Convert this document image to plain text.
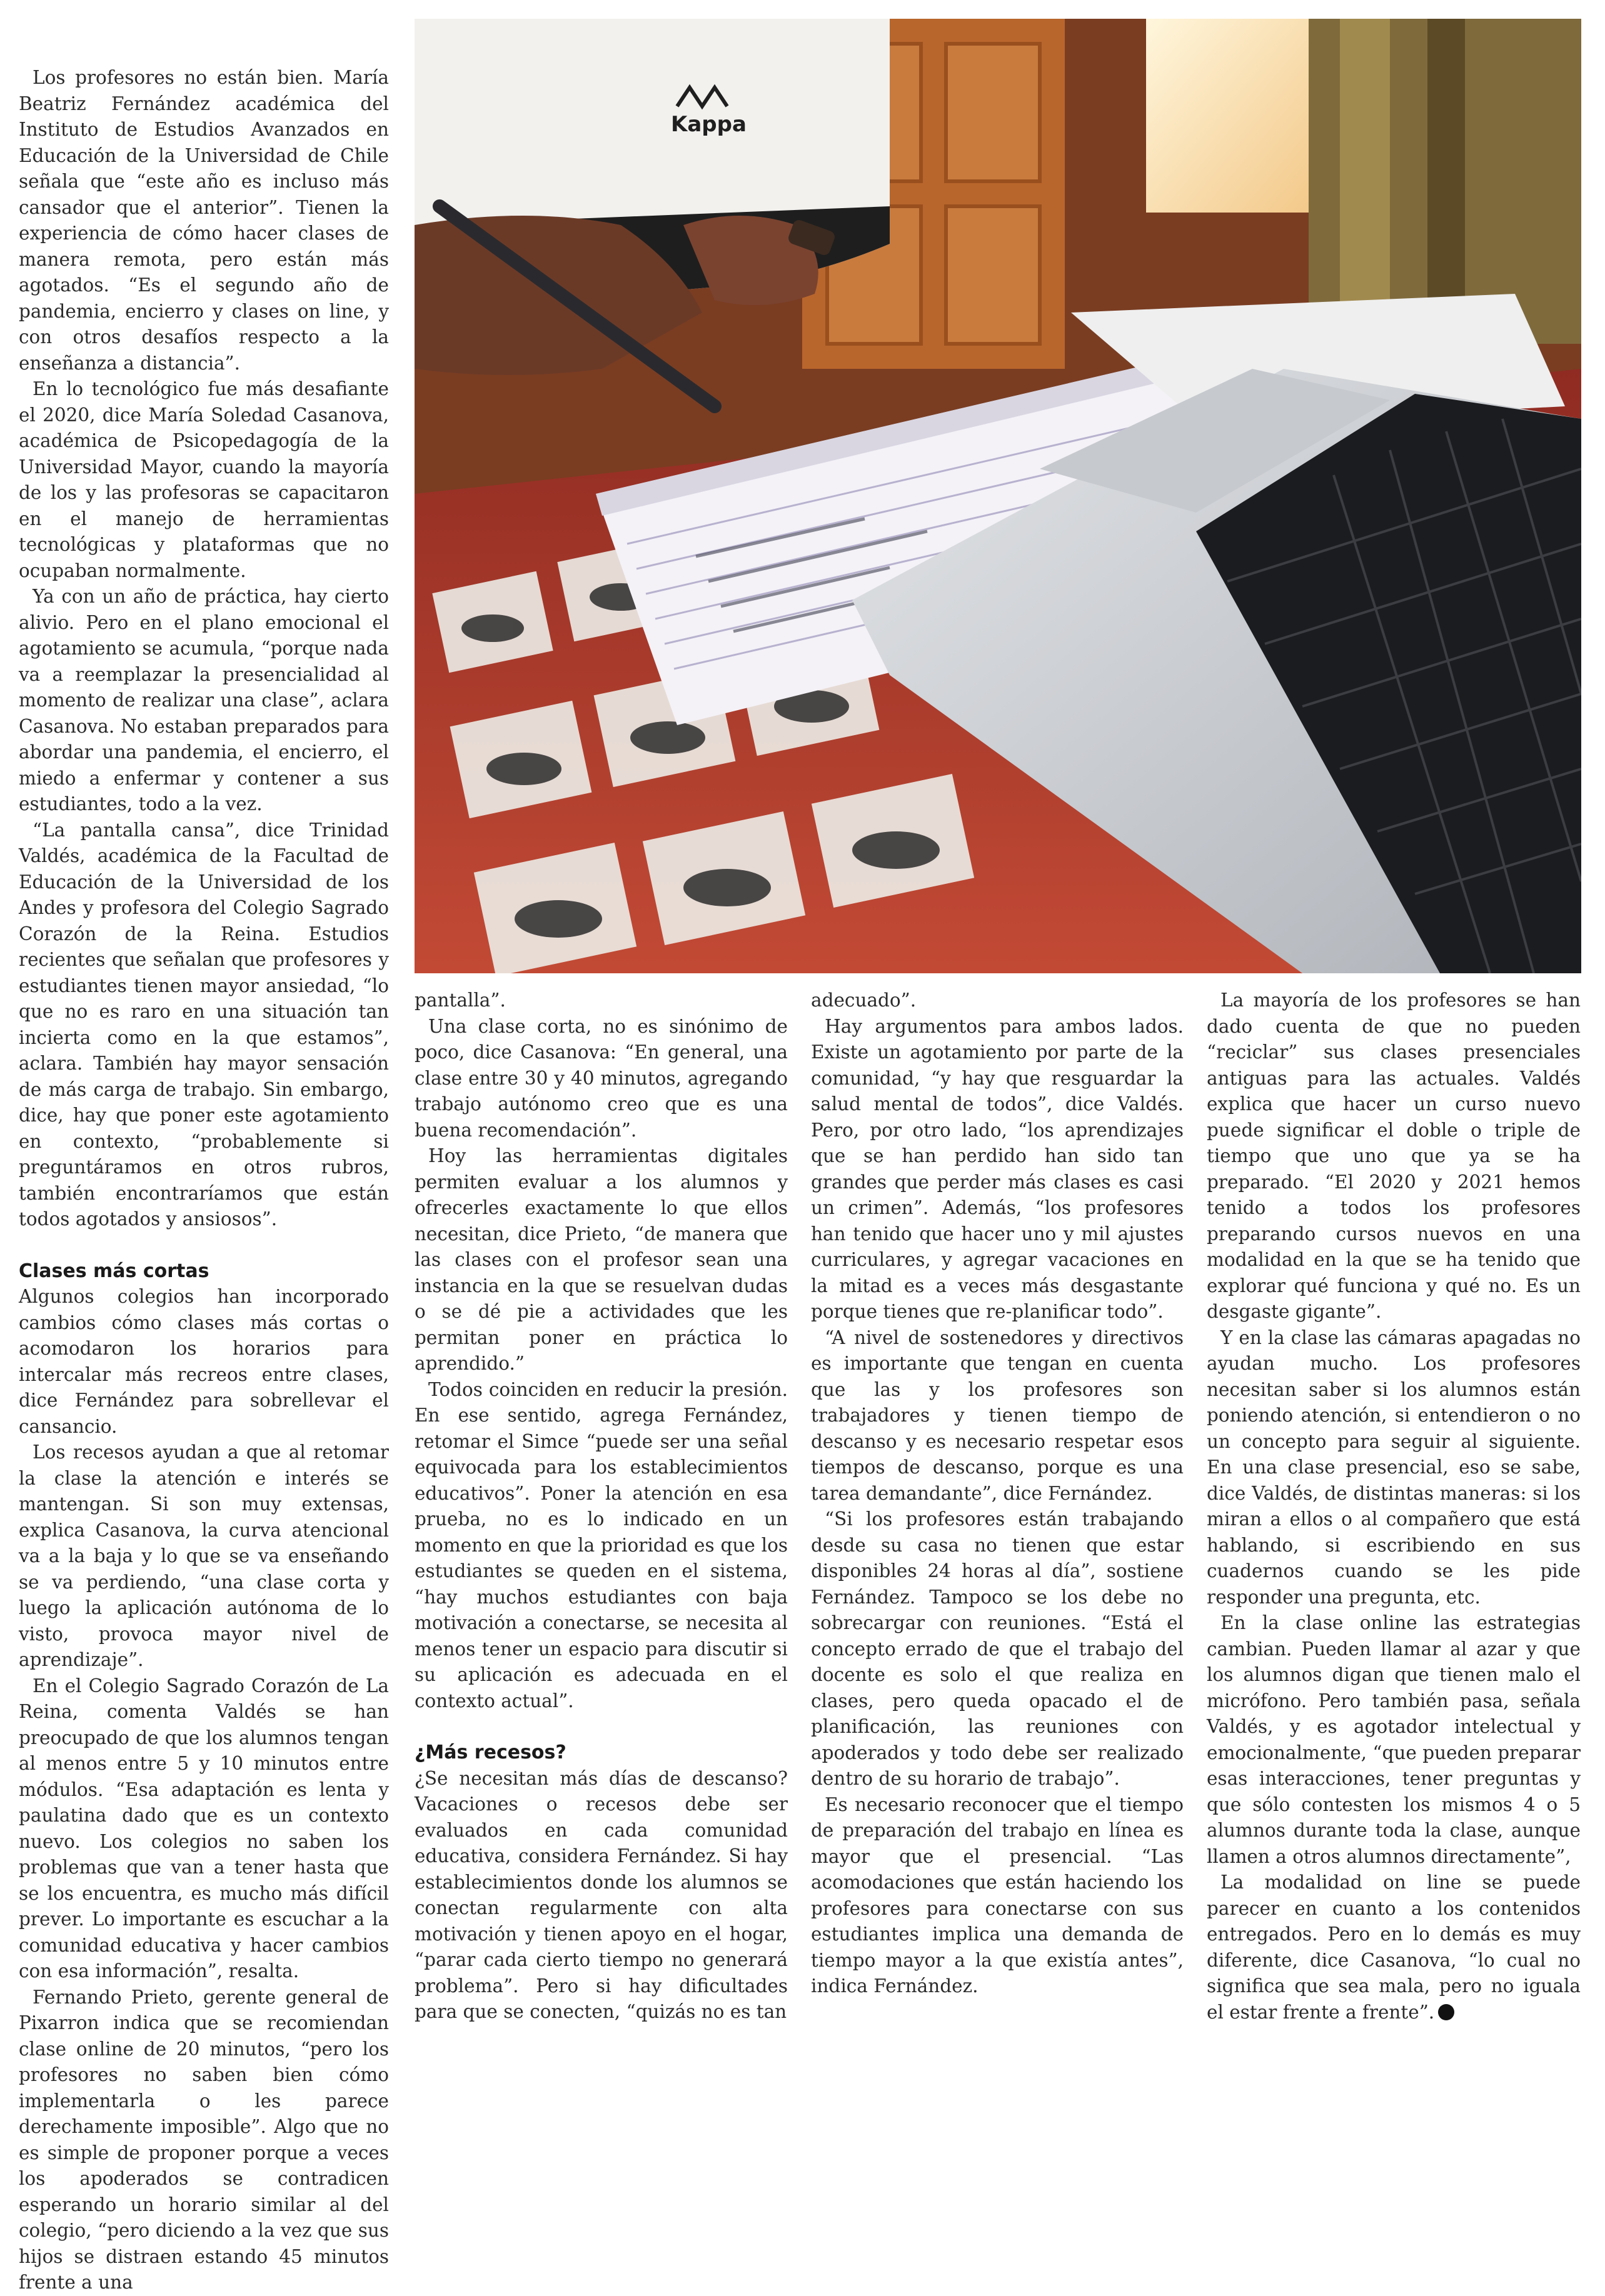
Kappa

Los profesores no están bien. María Beatriz Fernández académica del Instituto de Estudios Avanzados en Educación de la Universidad de Chile señala que “este año es incluso más cansador que el anterior”. Tienen la experiencia de cómo hacer clases de manera remota, pero están más agotados. “Es el segundo año de pandemia, encierro y clases on line, y con otros desafíos respecto a la enseñanza a distancia”.

En lo tecnológico fue más desafiante el 2020, dice María Soledad Casanova, académica de Psicopedagogía de la Universidad Mayor, cuando la mayoría de los y las profesoras se capacitaron en el manejo de herramientas tecnológicas y plataformas que no ocupaban normalmente.

Ya con un año de práctica, hay cierto alivio. Pero en el plano emocional el agotamiento se acumula, “porque nada va a reemplazar la presencialidad al momento de realizar una clase”, aclara Casanova. No estaban preparados para abordar una pandemia, el encierro, el miedo a enfermar y contener a sus estudiantes, todo a la vez.

“La pantalla cansa”, dice Trinidad Valdés, académica de la Facultad de Educación de la Universidad de los Andes y profesora del Colegio Sagrado Corazón de la Reina. Estudios recientes que señalan que profesores y estudiantes tienen mayor ansiedad, “lo que no es raro en una situación tan incierta como en la que estamos”, aclara. También hay mayor sensación de más carga de trabajo. Sin embargo, dice, hay que poner este agotamiento en contexto, “probablemente si preguntáramos en otros rubros, también encontraríamos que están todos agotados y ansiosos”.

Clases más cortas

Algunos colegios han incorporado cambios cómo clases más cortas o acomodaron los horarios para intercalar más recreos entre clases, dice Fernández para sobrellevar el cansancio.

Los recesos ayudan a que al retomar la clase la atención e interés se mantengan. Si son muy extensas, explica Casanova, la curva atencional va a la baja y lo que se va enseñando se va perdiendo, “una clase corta y luego la aplicación autónoma de lo visto, provoca mayor nivel de aprendizaje”.

En el Colegio Sagrado Corazón de La Reina, comenta Valdés se han preocupado de que los alumnos tengan al menos entre 5 y 10 minutos entre módulos. “Esa adaptación es lenta y paulatina dado que es un contexto nuevo. Los colegios no saben los problemas que van a tener hasta que se los encuentra, es mucho más difícil prever. Lo importante es escuchar a la comunidad educativa y hacer cambios con esa información”, resalta.

Fernando Prieto, gerente general de Pixarron indica que se recomiendan clase online de 20 minutos, “pero los profesores no saben bien cómo implementarla o les parece derechamente imposible”. Algo que no es simple de proponer porque a veces los apoderados se contradicen esperando un horario similar al del colegio, “pero diciendo a la vez que sus hijos se distraen estando 45 minutos frente a una

pantalla”.

Una clase corta, no es sinónimo de poco, dice Casanova: “En general, una clase entre 30 y 40 minutos, agregando trabajo autónomo creo que es una buena recomendación”.

Hoy las herramientas digitales permiten evaluar a los alumnos y ofrecerles exactamente lo que ellos necesitan, dice Prieto, “de manera que las clases con el profesor sean una instancia en la que se resuelvan dudas o se dé pie a actividades que les permitan poner en práctica lo aprendido.”

Todos coinciden en reducir la presión. En ese sentido, agrega Fernández, retomar el Simce “puede ser una señal equivocada para los establecimientos educativos”. Poner la atención en esa prueba, no es lo indicado en un momento en que la prioridad es que los estudiantes se queden en el sistema, “hay muchos estudiantes con baja motivación a conectarse, se necesita al menos tener un espacio para discutir si su aplicación es adecuada en el contexto actual”.

¿Más recesos?

¿Se necesitan más días de descanso? Vacaciones o recesos debe ser evaluados en cada comunidad educativa, considera Fernández. Si hay establecimientos donde los alumnos se conectan regularmente con alta motivación y tienen apoyo en el hogar, “parar cada cierto tiempo no generará problema”. Pero si hay dificultades para que se conecten, “quizás no es tan

adecuado”.

Hay argumentos para ambos lados. Existe un agotamiento por parte de la comunidad, “y hay que resguardar la salud mental de todos”, dice Valdés. Pero, por otro lado, “los aprendizajes que se han perdido han sido tan grandes que perder más clases es casi un crimen”. Además, “los profesores han tenido que hacer uno y mil ajustes curriculares, y agregar vacaciones en la mitad es a veces más desgastante porque tienes que re-planificar todo”.

“A nivel de sostenedores y directivos es importante que tengan en cuenta que las y los profesores son trabajadores y tienen tiempo de descanso y es necesario respetar esos tiempos de descanso, porque es una tarea demandante”, dice Fernández.

“Si los profesores están trabajando desde su casa no tienen que estar disponibles 24 horas al día”, sostiene Fernández. Tampoco se los debe no sobrecargar con reuniones. “Está el concepto errado de que el trabajo del docente es solo el que realiza en clases, pero queda opacado el de planificación, las reuniones con apoderados y todo debe ser realizado dentro de su horario de trabajo”.

Es necesario reconocer que el tiempo de preparación del trabajo en línea es mayor que el presencial. “Las acomodaciones que están haciendo los profesores para conectarse con sus estudiantes implica una demanda de tiempo mayor a la que existía antes”, indica Fernández.

La mayoría de los profesores se han dado cuenta de que no pueden “reciclar” sus clases presenciales antiguas para las actuales. Valdés explica que hacer un curso nuevo puede significar el doble o triple de tiempo que uno que ya se ha preparado. “El 2020 y 2021 hemos tenido a todos los profesores preparando cursos nuevos en una modalidad en la que se ha tenido que explorar qué funciona y qué no. Es un desgaste gigante”.

Y en la clase las cámaras apagadas no ayudan mucho. Los profesores necesitan saber si los alumnos están poniendo atención, si entendieron o no un concepto para seguir al siguiente. En una clase presencial, eso se sabe, dice Valdés, de distintas maneras: si los miran a ellos o al compañero que está hablando, si escribiendo en sus cuadernos cuando se les pide responder una pregunta, etc.

En la clase online las estrategias cambian. Pueden llamar al azar y que los alumnos digan que tienen malo el micrófono. Pero también pasa, señala Valdés, y es agotador intelectual y emocionalmente, “que pueden preparar esas interacciones, tener preguntas y que sólo contesten los mismos 4 o 5 alumnos durante toda la clase, aunque llamen a otros alumnos directamente”,

La modalidad on line se puede parecer en cuanto a los contenidos entregados. Pero en lo demás es muy diferente, dice Casanova, “lo cual no significa que sea mala, pero no iguala el estar frente a frente”.
